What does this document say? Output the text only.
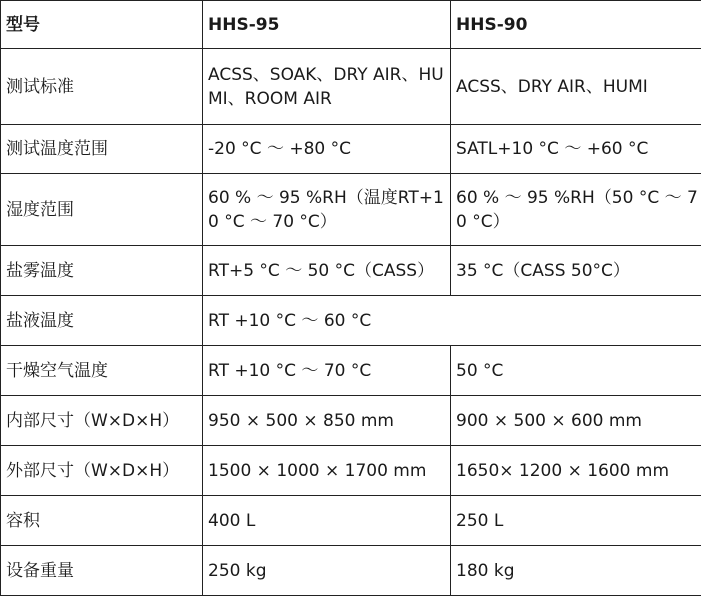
型号	HHS-95	HHS-90
测试标准	ACSS、SOAK、DRY AIR、HUMI、ROOM AIR	ACSS、DRY AIR、HUMI
测试温度范围	-20 °C ～ +80 °C	SATL+10 °C ～ +60 °C
湿度范围	60 % ～ 95 %RH（温度RT+10 °C ～ 70 °C）	60 % ～ 95 %RH（50 °C ～ 70 °C）
盐雾温度	RT+5 °C ～ 50 °C（CASS）	35 °C（CASS 50°C）
盐液温度	RT +10 °C ～ 60 °C	
干燥空气温度	RT +10 °C ～ 70 °C	50 °C
内部尺寸（W×D×H）	950 × 500 × 850 mm	900 × 500 × 600 mm
外部尺寸（W×D×H）	1500 × 1000 × 1700 mm	1650× 1200 × 1600 mm
容积	400 L	250 L
设备重量	250 kg	180 kg
